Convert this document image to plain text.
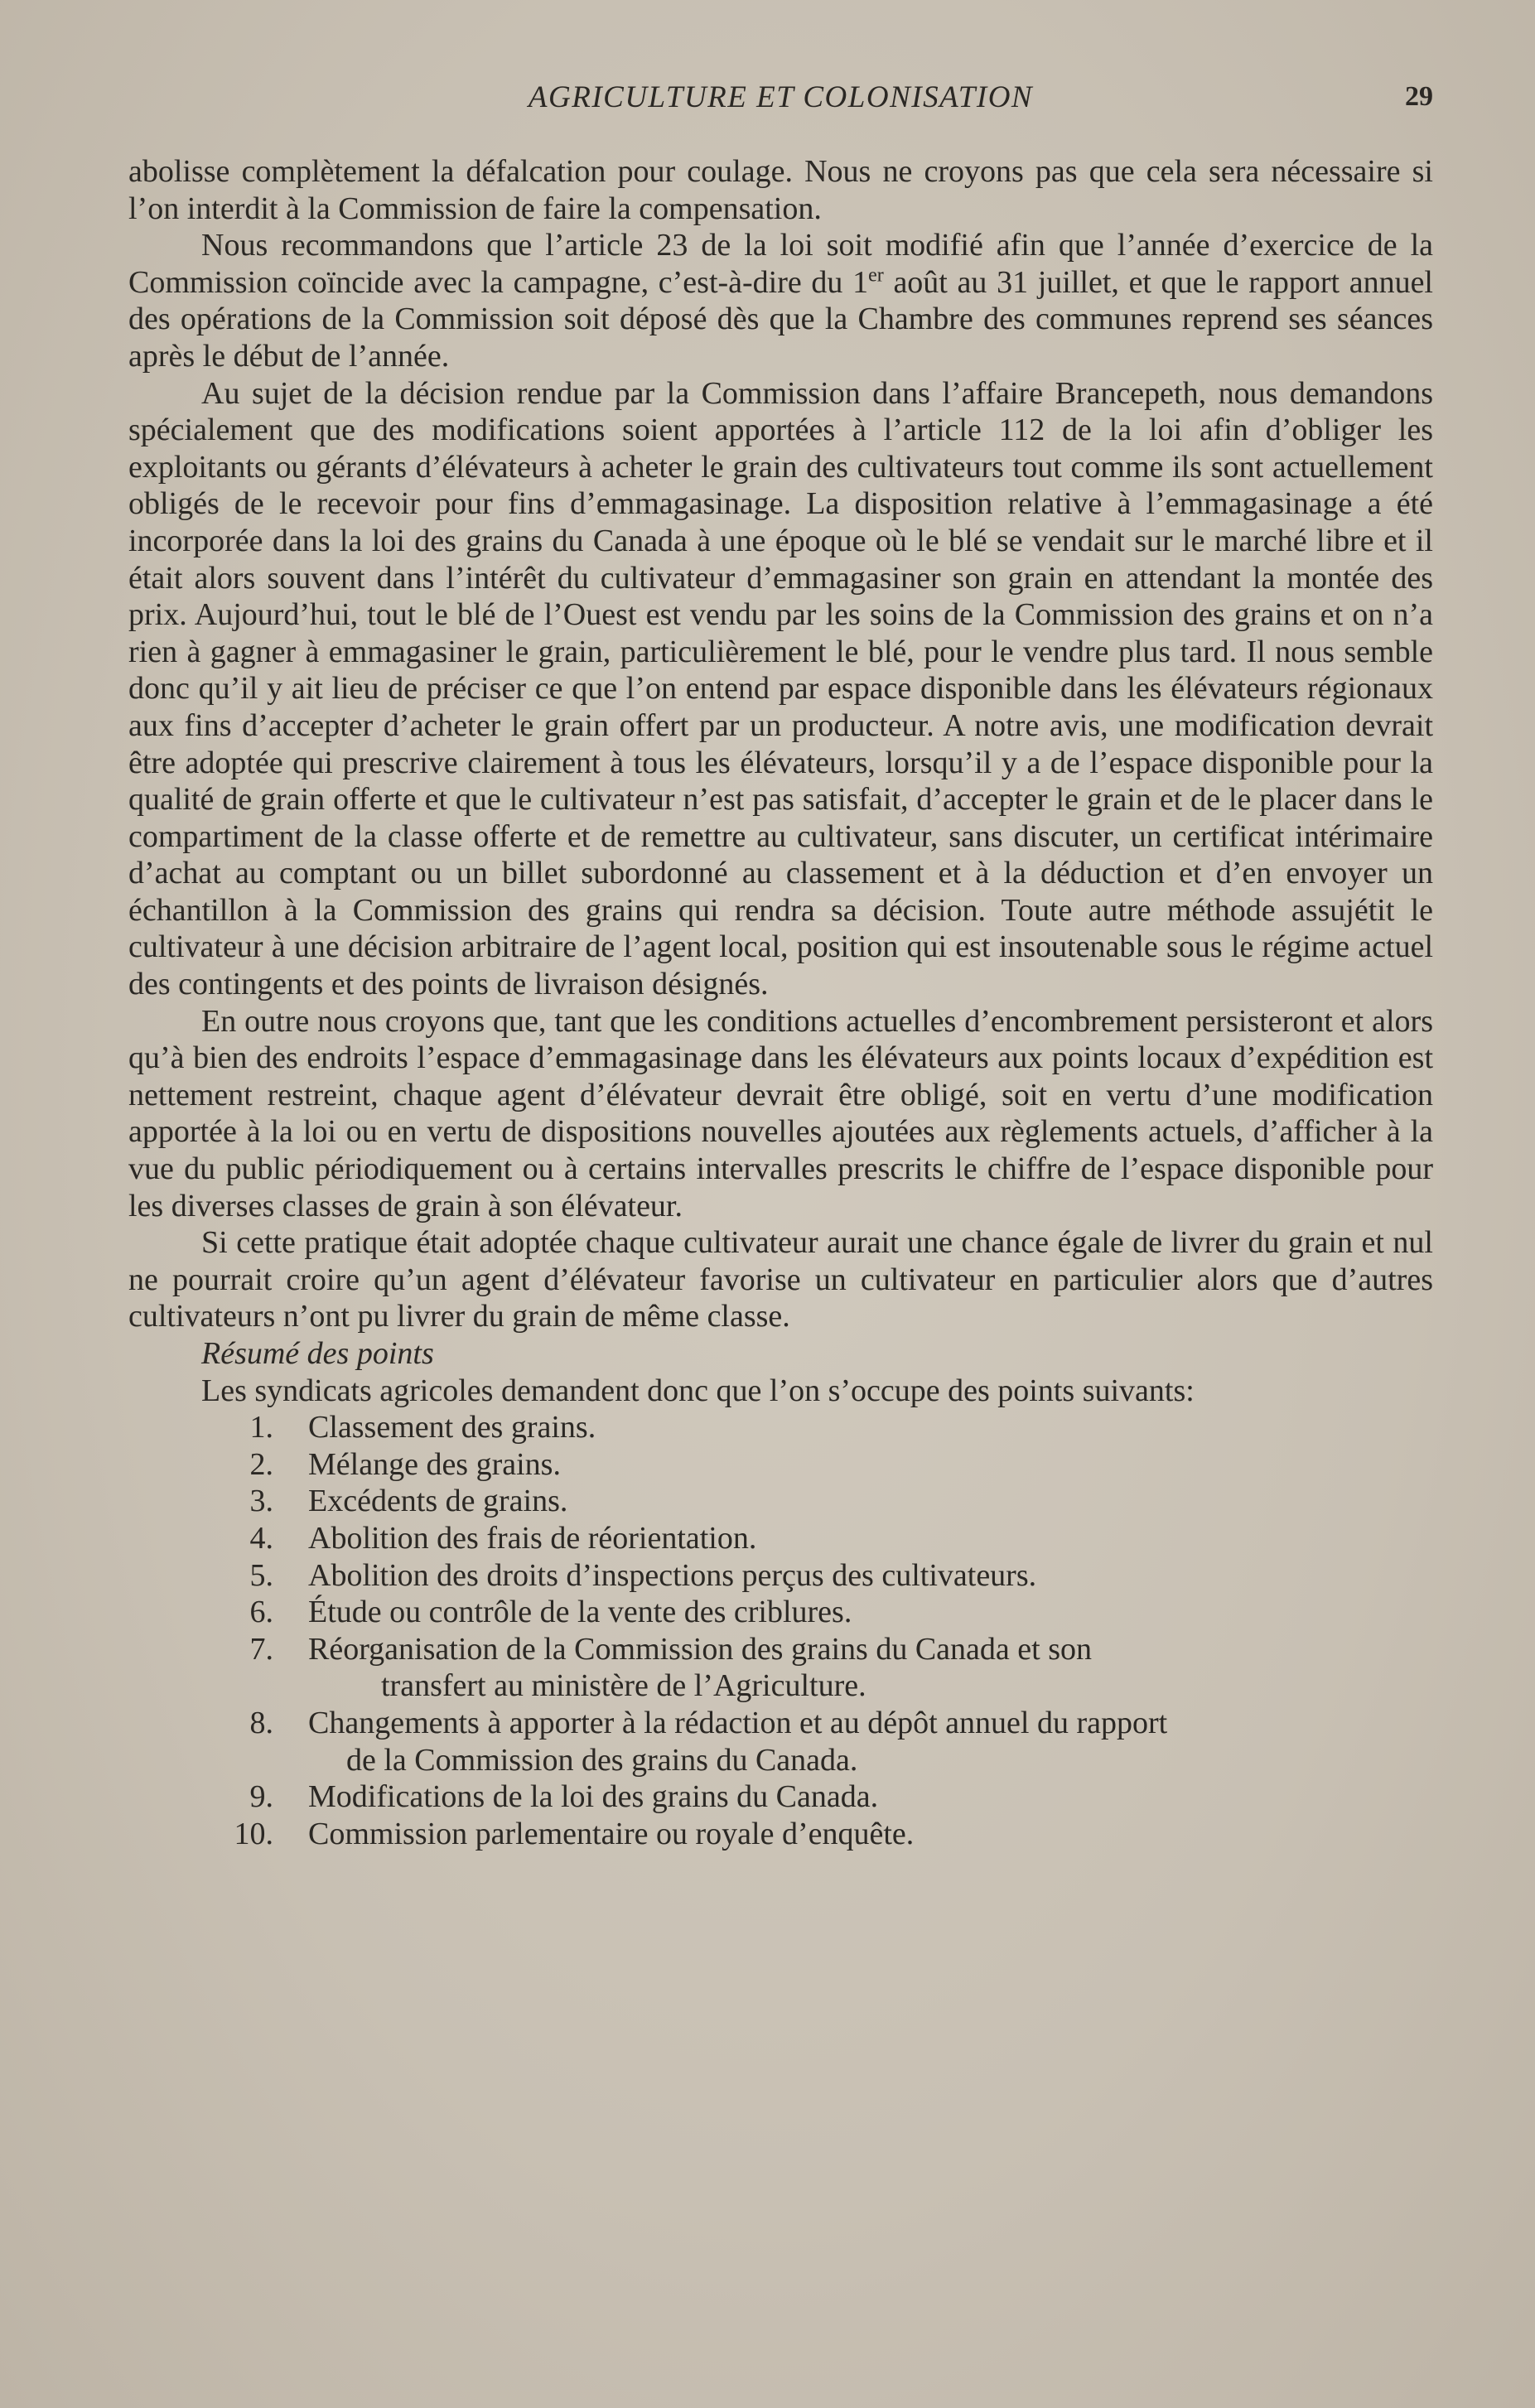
AGRICULTURE ET COLONISATION	29

abolisse complètement la défalcation pour coulage. Nous ne croyons pas que cela sera nécessaire si l’on interdit à la Commission de faire la compensation.

Nous recommandons que l’article 23 de la loi soit modifié afin que l’année d’exercice de la Commission coïncide avec la campagne, c’est-à-dire du 1er août au 31 juillet, et que le rapport annuel des opérations de la Commission soit déposé dès que la Chambre des communes reprend ses séances après le début de l’année.

Au sujet de la décision rendue par la Commission dans l’affaire Brancepeth, nous demandons spécialement que des modifications soient apportées à l’article 112 de la loi afin d’obliger les exploitants ou gérants d’élévateurs à acheter le grain des cultivateurs tout comme ils sont actuellement obligés de le recevoir pour fins d’emmagasinage. La disposition relative à l’emmagasinage a été incorporée dans la loi des grains du Canada à une époque où le blé se vendait sur le marché libre et il était alors souvent dans l’intérêt du cultivateur d’emmagasiner son grain en attendant la montée des prix. Aujourd’hui, tout le blé de l’Ouest est vendu par les soins de la Commission des grains et on n’a rien à gagner à emmagasiner le grain, particulièrement le blé, pour le vendre plus tard. Il nous semble donc qu’il y ait lieu de préciser ce que l’on entend par espace disponible dans les élévateurs régionaux aux fins d’accepter d’acheter le grain offert par un producteur. A notre avis, une modification devrait être adoptée qui prescrive clairement à tous les élévateurs, lorsqu’il y a de l’espace disponible pour la qualité de grain offerte et que le cultivateur n’est pas satisfait, d’accepter le grain et de le placer dans le compartiment de la classe offerte et de remettre au cultivateur, sans discuter, un certificat intérimaire d’achat au comptant ou un billet subordonné au classement et à la déduction et d’en envoyer un échantillon à la Commission des grains qui rendra sa décision. Toute autre méthode assujétit le cultivateur à une décision arbitraire de l’agent local, position qui est insoutenable sous le régime actuel des contingents et des points de livraison désignés.

En outre nous croyons que, tant que les conditions actuelles d’encombrement persisteront et alors qu’à bien des endroits l’espace d’emmagasinage dans les élévateurs aux points locaux d’expédition est nettement restreint, chaque agent d’élévateur devrait être obligé, soit en vertu d’une modification apportée à la loi ou en vertu de dispositions nouvelles ajoutées aux règlements actuels, d’afficher à la vue du public périodiquement ou à certains intervalles prescrits le chiffre de l’espace disponible pour les diverses classes de grain à son élévateur.

Si cette pratique était adoptée chaque cultivateur aurait une chance égale de livrer du grain et nul ne pourrait croire qu’un agent d’élévateur favorise un cultivateur en particulier alors que d’autres cultivateurs n’ont pu livrer du grain de même classe.

Résumé des points

Les syndicats agricoles demandent donc que l’on s’occupe des points suivants:

1. Classement des grains.
2. Mélange des grains.
3. Excédents de grains.
4. Abolition des frais de réorientation.
5. Abolition des droits d’inspections perçus des cultivateurs.
6. Étude ou contrôle de la vente des criblures.
7. Réorganisation de la Commission des grains du Canada et son
transfert au ministère de l’Agriculture.
8. Changements à apporter à la rédaction et au dépôt annuel du rapport
de la Commission des grains du Canada.
9. Modifications de la loi des grains du Canada.
10. Commission parlementaire ou royale d’enquête.
